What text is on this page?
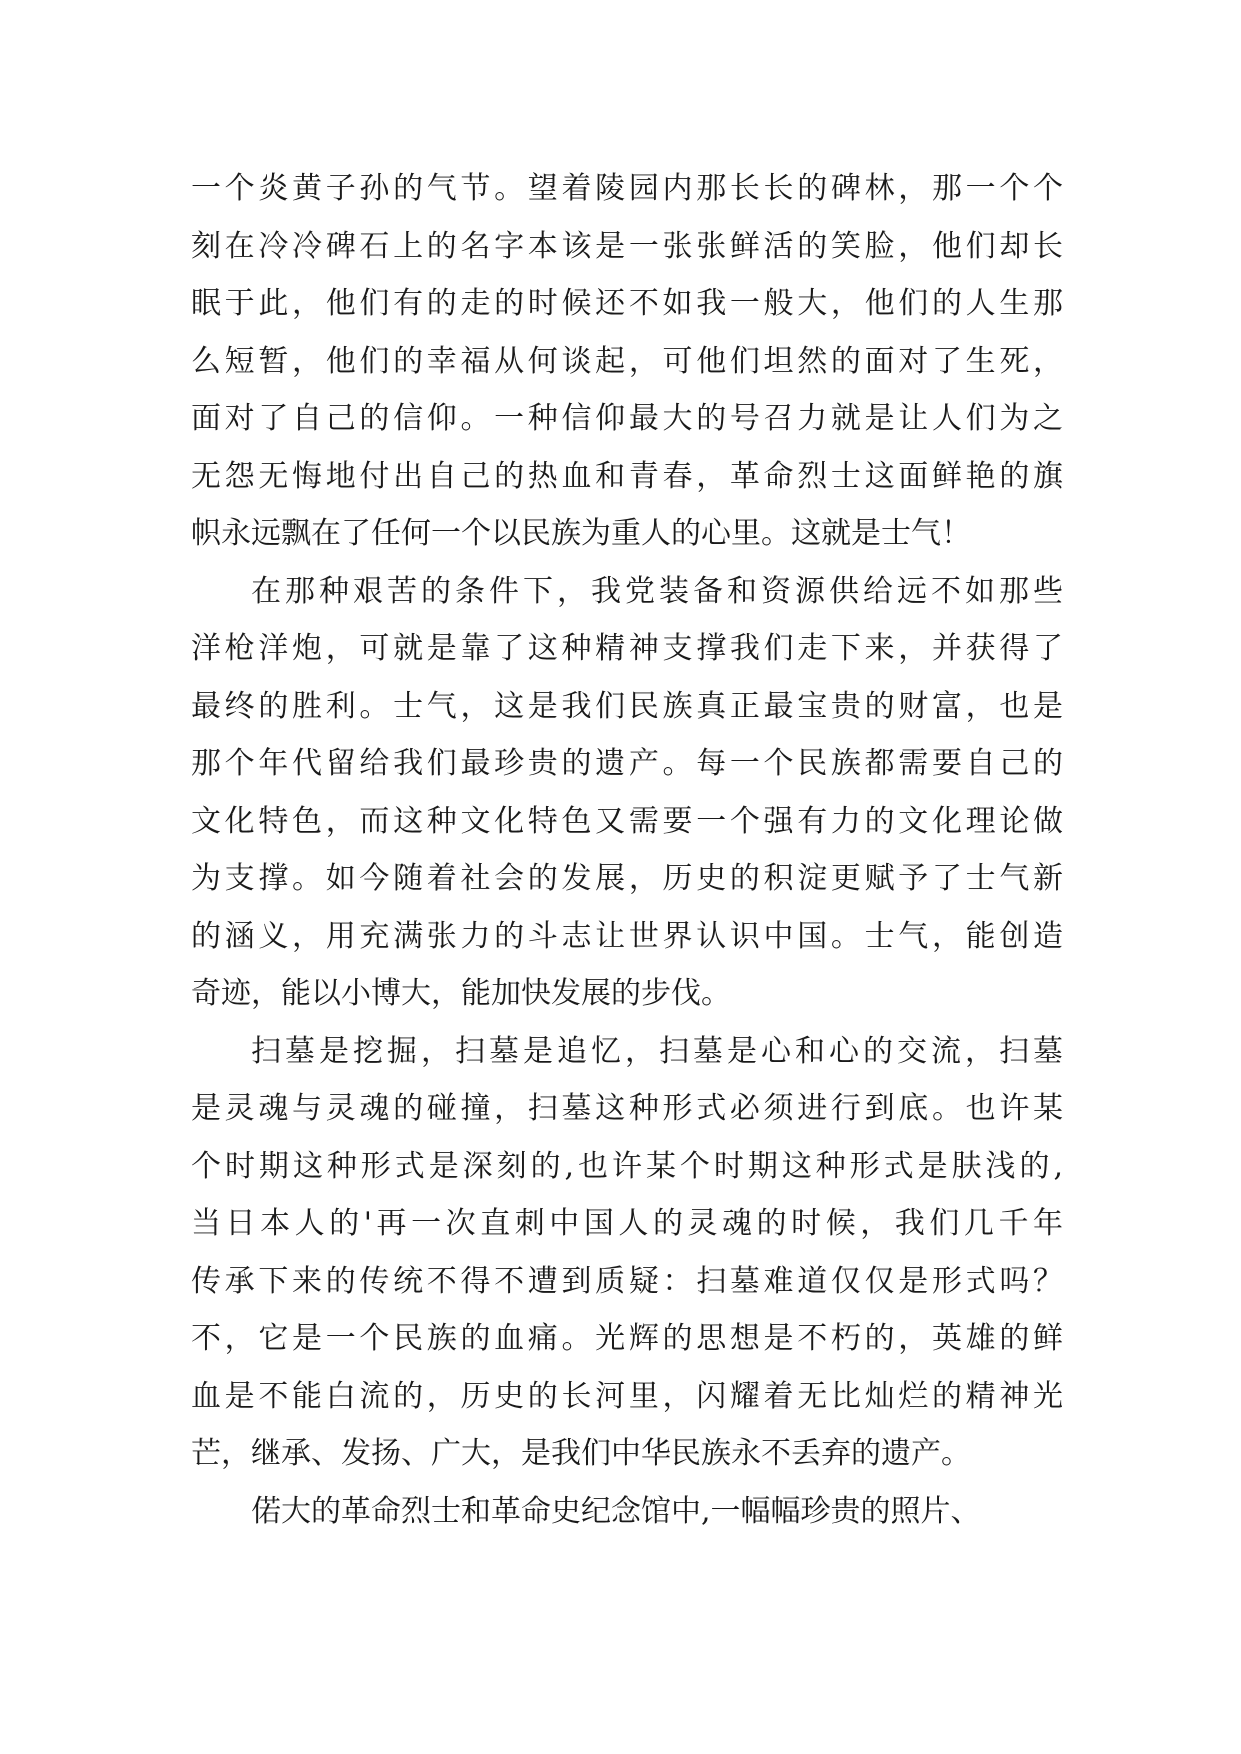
一个炎黄子孙的气节。望着陵园内那长长的碑林，那一个个
刻在冷冷碑石上的名字本该是一张张鲜活的笑脸，他们却长
眠于此，他们有的走的时候还不如我一般大，他们的人生那
么短暂，他们的幸福从何谈起，可他们坦然的面对了生死，
面对了自己的信仰。一种信仰最大的号召力就是让人们为之
无怨无悔地付出自己的热血和青春，革命烈士这面鲜艳的旗
帜永远飘在了任何一个以民族为重人的心里。这就是士气！
在那种艰苦的条件下，我党装备和资源供给远不如那些
洋枪洋炮，可就是靠了这种精神支撑我们走下来，并获得了
最终的胜利。士气，这是我们民族真正最宝贵的财富，也是
那个年代留给我们最珍贵的遗产。每一个民族都需要自己的
文化特色，而这种文化特色又需要一个强有力的文化理论做
为支撑。如今随着社会的发展，历史的积淀更赋予了士气新
的涵义，用充满张力的斗志让世界认识中国。士气，能创造
奇迹，能以小博大，能加快发展的步伐。
扫墓是挖掘，扫墓是追忆，扫墓是心和心的交流，扫墓
是灵魂与灵魂的碰撞，扫墓这种形式必须进行到底。也许某
个时期这种形式是深刻的,也许某个时期这种形式是肤浅的,
当日本人的'再一次直刺中国人的灵魂的时候，我们几千年
传承下来的传统不得不遭到质疑：扫墓难道仅仅是形式吗？
不，它是一个民族的血痛。光辉的思想是不朽的，英雄的鲜
血是不能白流的，历史的长河里，闪耀着无比灿烂的精神光
芒，继承、发扬、广大，是我们中华民族永不丢弃的遗产。
偌大的革命烈士和革命史纪念馆中,一幅幅珍贵的照片、
